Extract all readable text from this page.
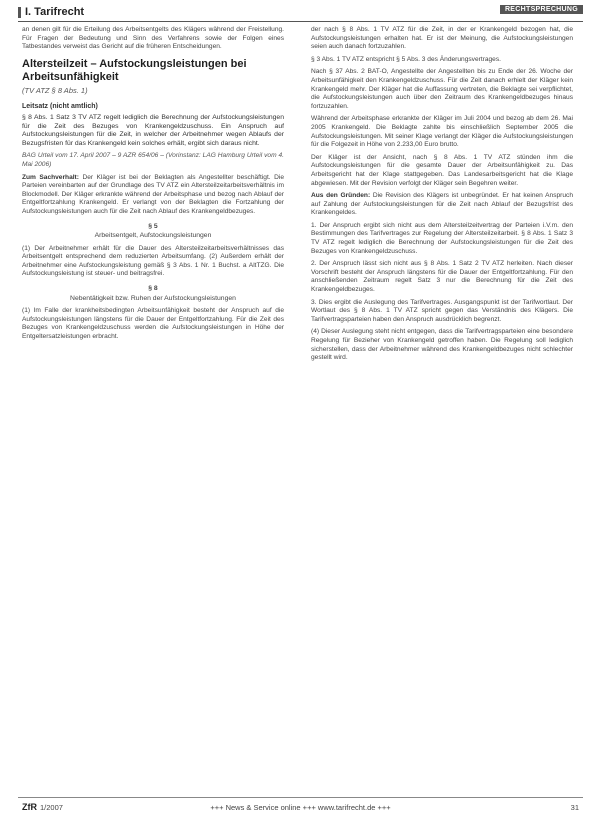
I. Tarifrecht	RECHTSPRECHUNG

an denen gilt für die Erteilung des Arbeitsentgelts des Klägers während der Freistellung. Für Fragen der Bedeutung und Sinn des Verfahrens sowie der Folgen eines Tatbestandes verweist das Gericht auf die früheren Entscheidungen.

Altersteilzeit – Aufstockungsleistungen bei Arbeitsunfähigkeit
(TV ATZ § 8 Abs. 1)
Leitsatz (nicht amtlich)

§ 8 Abs. 1 Satz 3 TV ATZ regelt lediglich die Berechnung der Aufstockungsleistungen für die Zeit des Bezuges von Krankengeldzuschuss. Ein Anspruch auf Aufstockungsleistungen für die Zeit, in welcher der Arbeitnehmer wegen Ablaufs der Bezugsfristen für das Krankengeld kein solches erhält, ergibt sich daraus nicht.

BAG Urteil vom 17. April 2007 – 9 AZR 654/06 – (Vorinstanz: LAG Hamburg Urteil vom 4. Mai 2006)

Zum Sachverhalt: Der Kläger ist bei der Beklagten als Angestellter beschäftigt. Die Parteien vereinbarten auf der Grundlage des TV ATZ ein Altersteilzeitarbeitsverhältnis im Blockmodell. Der Kläger erkrankte während der Arbeitsphase und bezog nach Ablauf der Entgeltfortzahlung Krankengeld. Er verlangt von der Beklagten die Fortzahlung der Aufstockungsleistungen auch für die Zeit nach Ablauf des Krankengeldbezuges.

§ 5
Arbeitsentgelt, Aufstockungsleistungen

(1) Der Arbeitnehmer erhält für die Dauer des Altersteilzeitarbeitsverhältnisses das Arbeitsentgelt entsprechend dem reduzierten Arbeitsumfang. (2) Außerdem erhält der Arbeitnehmer eine Aufstockungsleistung gemäß § 3 Abs. 1 Nr. 1 Buchst. a AltTZG. Die Aufstockungsleistung ist steuer- und beitragsfrei.

§ 8
Nebentätigkeit bzw. Ruhen der Aufstockungsleistungen

(1) Im Falle der krankheitsbedingten Arbeitsunfähigkeit besteht der Anspruch auf die Aufstockungsleistungen längstens für die Dauer der Entgeltfortzahlung. Für die Zeit des Bezuges von Krankengeldzuschuss werden die Aufstockungsleistungen in Höhe der Entgeltersatzleistungen erbracht.

der nach § 8 Abs. 1 TV ATZ für die Zeit, in der er Krankengeld bezogen hat, die Aufstockungsleistungen erhalten hat. Er ist der Meinung, die Aufstockungsleistungen seien auch danach fortzuzahlen.

§ 3 Abs. 1 TV ATZ entspricht § 5 Abs. 3 des Änderungsvertrages.

Nach § 37 Abs. 2 BAT-O, Angestellte der Angestellten bis zu Ende der 26. Woche der Arbeitsunfähigkeit den Krankengeldzuschuss. Für die Zeit danach erhielt der Kläger kein Krankengeld mehr. Der Kläger hat die Auffassung vertreten, die Beklagte sei verpflichtet, die Aufstockungsleistungen auch über den Zeitraum des Krankengeldbezuges hinaus fortzuzahlen.

Während der Arbeitsphase erkrankte der Kläger im Juli 2004 und bezog ab dem 26. Mai 2005 Krankengeld. Die Beklagte zahlte bis einschließlich September 2005 die Aufstockungsleistungen. Mit seiner Klage verlangt der Kläger die Aufstockungsleistungen für die Folgezeit in Höhe von 2.233,00 Euro brutto.

Der Kläger ist der Ansicht, nach § 8 Abs. 1 TV ATZ stünden ihm die Aufstockungsleistungen für die gesamte Dauer der Arbeitsunfähigkeit zu. Das Arbeitsgericht hat der Klage stattgegeben. Das Landesarbeitsgericht hat die Klage abgewiesen. Mit der Revision verfolgt der Kläger sein Begehren weiter.

Aus den Gründen: Die Revision des Klägers ist unbegründet. Er hat keinen Anspruch auf Zahlung der Aufstockungsleistungen für die Zeit nach Ablauf der Bezugsfrist des Krankengeldes.

1. Der Anspruch ergibt sich nicht aus dem Altersteilzeitvertrag der Parteien i.V.m. den Bestimmungen des Tarifvertrages zur Regelung der Altersteilzeitarbeit. § 8 Abs. 1 Satz 3 TV ATZ regelt lediglich die Berechnung der Aufstockungsleistungen für die Zeit des Bezuges von Krankengeldzuschuss.

2. Der Anspruch lässt sich nicht aus § 8 Abs. 1 Satz 2 TV ATZ herleiten. Nach dieser Vorschrift besteht der Anspruch längstens für die Dauer der Entgeltfortzahlung. Für den anschließenden Zeitraum regelt Satz 3 nur die Berechnung für die Zeit des Krankengeldbezuges.

3. Dies ergibt die Auslegung des Tarifvertrages. Ausgangspunkt ist der Tarifwortlaut. Der Wortlaut des § 8 Abs. 1 TV ATZ spricht gegen das Verständnis des Klägers. Die Tarifvertragsparteien haben den Anspruch ausdrücklich begrenzt.

(4) Dieser Auslegung steht nicht entgegen, dass die Tarifvertragsparteien eine besondere Regelung für Bezieher von Krankengeld getroffen haben. Die Regelung soll lediglich sicherstellen, dass der Arbeitnehmer während des Krankengeldbezuges nicht schlechter gestellt wird.

ZfR 1/2007	+++ News & Service online +++ www.tarifrecht.de +++	31
